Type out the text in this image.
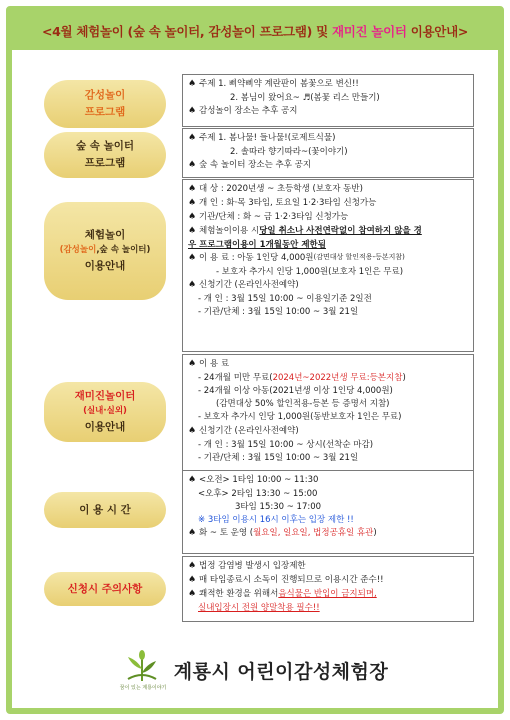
<4월 체험놀이 (숲 속 놀이터, 감성놀이 프로그램) 및 재미진 놀이터 이용안내>
감성놀이
프로그램
♠ 주제 1. 삐약삐약 계란판이 봄꽃으로 변신!!
2. 봄님이 왔어요~ ♬(봄꽃 리스 만들기)
♠ 감성놀이 장소는 추후 공지
숲 속 놀이터
프로그램
♠ 주제 1. 봄나물! 들나물!(로제트식물)
2. 솔따라 향기따라~(꽃이야기)
♠ 숲 속 놀이터 장소는 추후 공지
체험놀이
(감성놀이,숲 속 놀이터)
이용안내
♠ 대 상 : 2020년생 ~ 초등학생 (보호자 동반)
♠ 개 인 : 화·목 3타임, 토요일 1·2·3타임 신청가능
♠ 기관/단체 : 화 ~ 금 1·2·3타임 신청가능
♠ 체험놀이이용 시 당일 취소나 사전연락없이 참여하지 않을 경
우 프로그램이용이 1개월동안 제한됨
♠ 이 용 료 : 아동 1인당 4,000원 (감면대상 할인적용-등본지참)
- 보호자 추가시 인당 1,000원(보호자 1인은 무료)
♠ 신청기간 (온라인사전예약)
- 개 인 : 3월 15일 10:00 ~ 이용일기준 2일전
- 기관/단체 : 3월 15일 10:00 ~ 3월 21일
재미진놀이터
(실내·실외)
이용안내
♠ 이 용 료
- 24개월 미만 무료( 2024년~2022년생 무료:등본지참 )
- 24개월 이상 아동(2021년생 이상 1인당 4,000원)
(감면대상 50% 할인적용-등본 등 증명서 지참)
- 보호자 추가시 인당 1,000원(동반보호자 1인은 무료)
♠ 신청기간 (온라인사전예약)
- 개 인 : 3월 15일 10:00 ~ 상시(선착순 마감)
- 기관/단체 : 3월 15일 10:00 ~ 3월 21일
이 용 시 간
♠ <오전> 1타임 10:00 ~ 11:30
<오후> 2타임 13:30 ~ 15:00
3타임 15:30 ~ 17:00
※ 3타임 이용시 16시 이후는 입장 제한 !!
♠ 화 ~ 토 운영 ( 월요일, 일요일, 법정공휴일 휴관 )
신청시 주의사항
♠ 법정 감염병 발생시 입장제한
♠ 매 타임종료시 소독이 진행되므로 이용시간 준수!!
♠ 쾌적한 환경을 위해서 음식물은 반입이 금지되며,
실내입장시 전원 양말착용 필수!!
꿈이 있는 계룡이야기
계룡시 어린이감성체험장
